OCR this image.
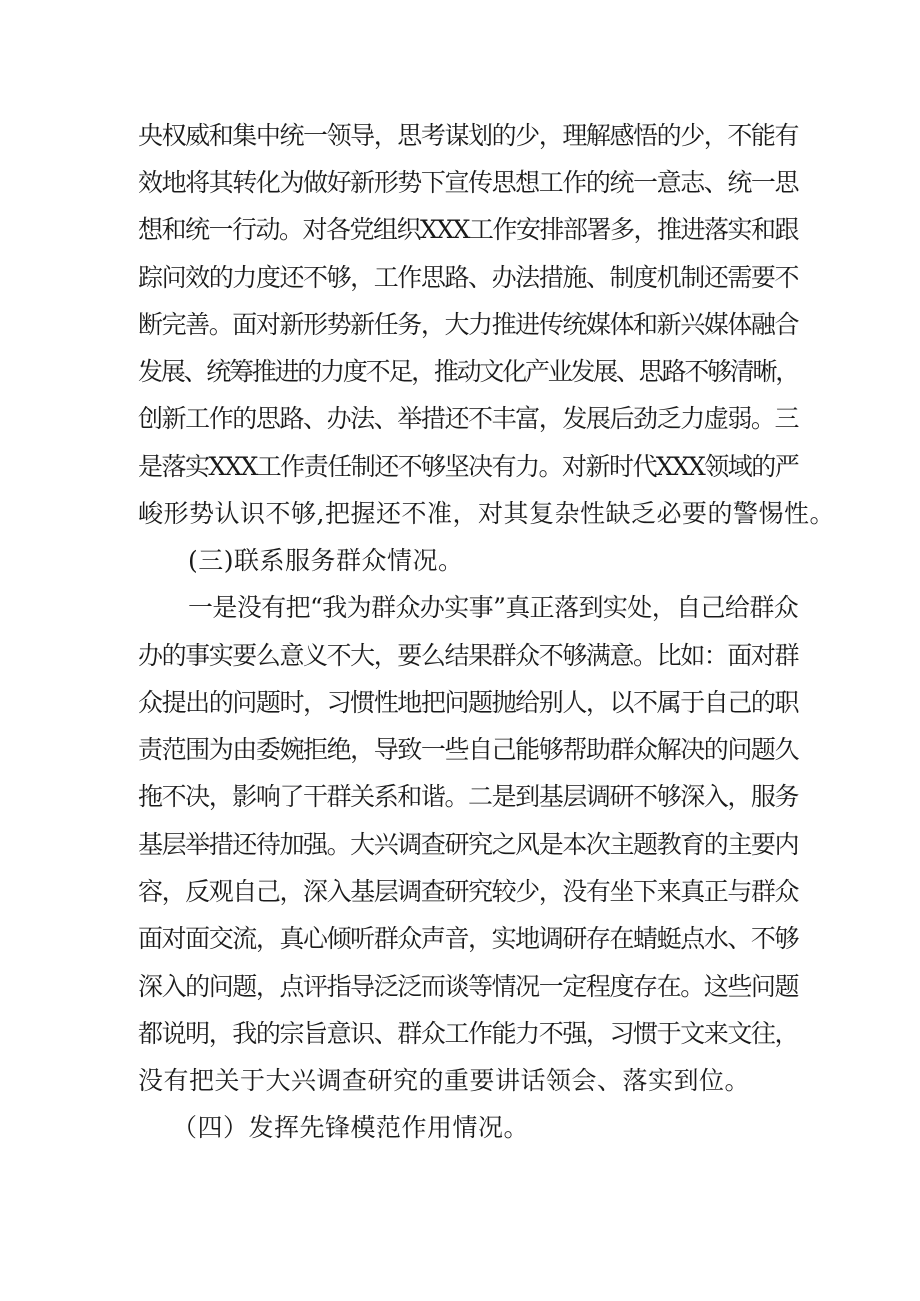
央权威和集中统一领导，思考谋划的少，理解感悟的少，不能有
效地将其转化为做好新形势下宣传思想工作的统一意志、统一思
想和统一行动。对各党组织XXX工作安排部署多，推进落实和跟
踪问效的力度还不够，工作思路、办法措施、制度机制还需要不
断完善。面对新形势新任务，大力推进传统媒体和新兴媒体融合
发展、统筹推进的力度不足，推动文化产业发展、思路不够清晰，
创新工作的思路、办法、举措还不丰富，发展后劲乏力虚弱。三
是落实XXX工作责任制还不够坚决有力。对新时代XXX领域的严
峻形势认识不够,把握还不准，对其复杂性缺乏必要的警惕性。
(三)联系服务群众情况。
一是没有把“我为群众办实事”真正落到实处，自己给群众
办的事实要么意义不大，要么结果群众不够满意。比如：面对群
众提出的问题时，习惯性地把问题抛给别人，以不属于自己的职
责范围为由委婉拒绝，导致一些自己能够帮助群众解决的问题久
拖不决，影响了干群关系和谐。二是到基层调研不够深入，服务
基层举措还待加强。大兴调查研究之风是本次主题教育的主要内
容，反观自己，深入基层调查研究较少，没有坐下来真正与群众
面对面交流，真心倾听群众声音，实地调研存在蜻蜓点水、不够
深入的问题，点评指导泛泛而谈等情况一定程度存在。这些问题
都说明，我的宗旨意识、群众工作能力不强，习惯于文来文往，
没有把关于大兴调查研究的重要讲话领会、落实到位。
（四）发挥先锋模范作用情况。
